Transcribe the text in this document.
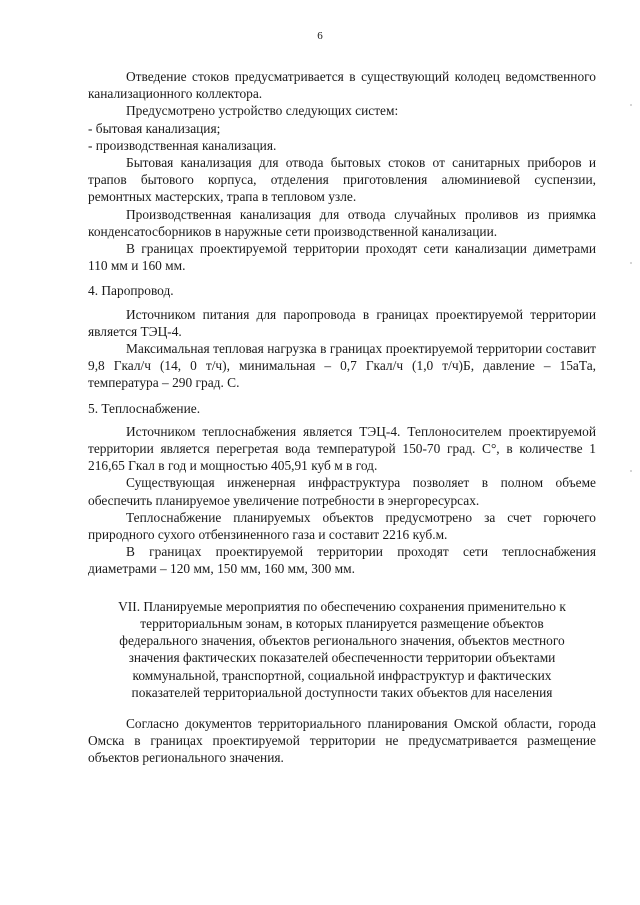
6

Отведение стоков предусматривается в существующий колодец ведомственного канализационного коллектора.

Предусмотрено устройство следующих систем:

- бытовая канализация;

- производственная канализация.

Бытовая канализация для отвода бытовых стоков от санитарных приборов и трапов бытового корпуса, отделения приготовления алюминиевой суспензии, ремонтных мастерских, трапа в тепловом узле.

Производственная канализация для отвода случайных проливов из приямка конденсатосборников в наружные сети производственной канализации.

В границах проектируемой территории проходят сети канализации диметрами 110 мм и 160 мм.

4. Паропровод.

Источником питания для паропровода в границах проектируемой территории является ТЭЦ-4.

Максимальная тепловая нагрузка в границах проектируемой территории составит 9,8 Гкал/ч (14, 0 т/ч), минимальная – 0,7 Гкал/ч (1,0 т/ч)Б, давление – 15аТа, температура – 290 град. С.

5. Теплоснабжение.

Источником теплоснабжения является ТЭЦ-4. Теплоносителем проектируемой территории является перегретая вода температурой 150-70 град. С°, в количестве 1 216,65 Гкал в год и мощностью 405,91 куб м в год.

Существующая инженерная инфраструктура позволяет в полном объеме обеспечить планируемое увеличение потребности в энергоресурсах.

Теплоснабжение планируемых объектов предусмотрено за счет горючего природного сухого отбензиненного газа и составит 2216 куб.м.

В границах проектируемой территории проходят сети теплоснабжения диаметрами – 120 мм, 150 мм, 160 мм, 300 мм.

VII. Планируемые мероприятия по обеспечению сохранения применительно к территориальным зонам, в которых планируется размещение объектов федерального значения, объектов регионального значения, объектов местного значения фактических показателей обеспеченности территории объектами коммунальной, транспортной, социальной инфраструктур и фактических показателей территориальной доступности таких объектов для населения

Согласно документов территориального планирования Омской области, города Омска в границах проектируемой территории не предусматривается размещение объектов регионального значения.
